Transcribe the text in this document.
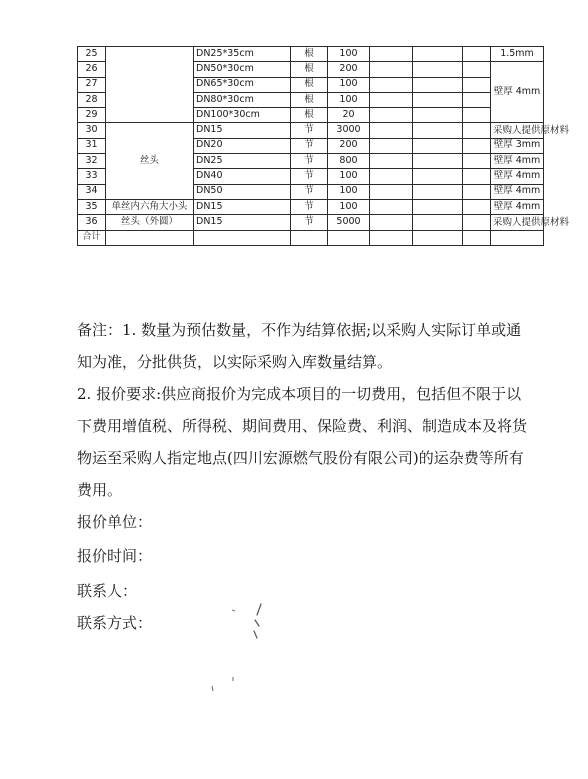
25		DN25*35cm	根	100				1.5mm
26		DN50*30cm	根	200				壁厚 4mm
27		DN65*30cm	根	100				
28		DN80*30cm	根	100				
29		DN100*30cm	根	20				
30	丝头	DN15	节	3000				采购人提供原材料
31		DN20	节	200				壁厚 3mm
32		DN25	节	800				壁厚 4mm
33		DN40	节	100				壁厚 4mm
34		DN50	节	100				壁厚 4mm
35	单丝内六角大小头	DN15	节	100				壁厚 4mm
36	丝头（外圆）	DN15	节	5000				采购人提供原材料
合计								

备注：1. 数量为预估数量，不作为结算依据;以采购人实际订单或通

知为准，分批供货，以实际采购入库数量结算。

2. 报价要求:供应商报价为完成本项目的一切费用，包括但不限于以

下费用增值税、所得税、期间费用、保险费、利润、制造成本及将货

物运至采购人指定地点(四川宏源燃气股份有限公司)的运杂费等所有

费用。

报价单位：
报价时间：
联系人：
联系方式：
